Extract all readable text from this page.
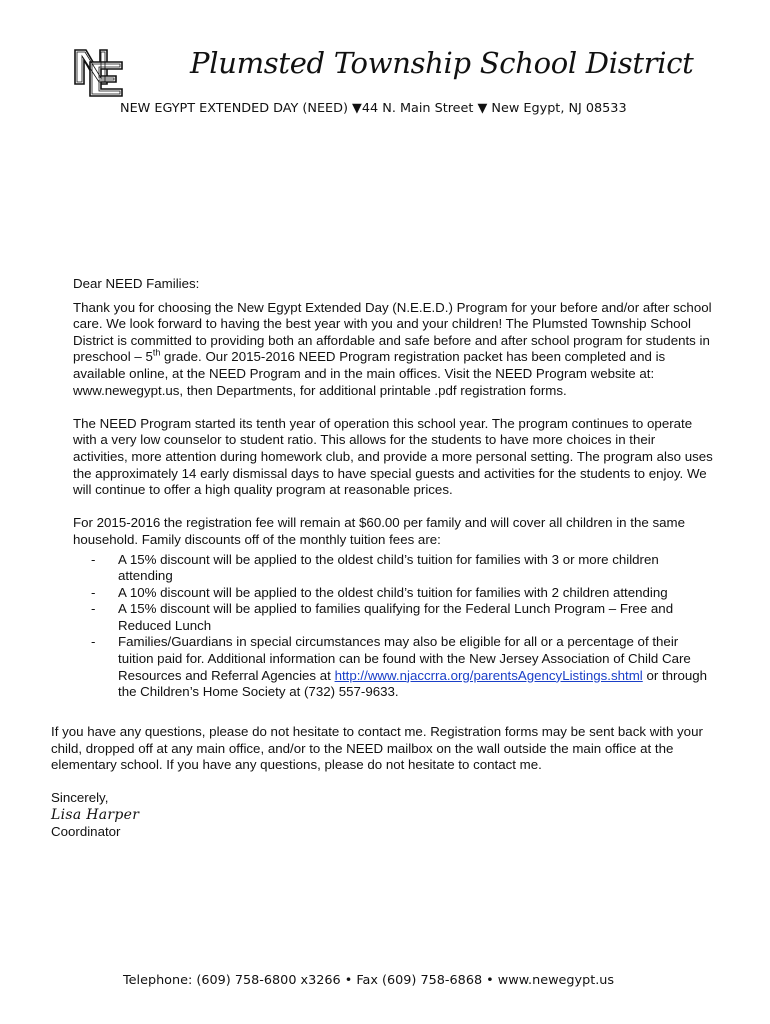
Plumsted Township School District
NEW EGYPT EXTENDED DAY (NEED) ▼44 N. Main Street ▼ New Egypt, NJ 08533

Dear NEED Families:

Thank you for choosing the New Egypt Extended Day (N.E.E.D.) Program for your before and/or after school care. We look forward to having the best year with you and your children! The Plumsted Township School District is committed to providing both an affordable and safe before and after school program for students in preschool – 5th grade. Our 2015-2016 NEED Program registration packet has been completed and is available online, at the NEED Program and in the main offices. Visit the NEED Program website at: www.newegypt.us, then Departments, for additional printable .pdf registration forms.

The NEED Program started its tenth year of operation this school year. The program continues to operate with a very low counselor to student ratio. This allows for the students to have more choices in their activities, more attention during homework club, and provide a more personal setting. The program also uses the approximately 14 early dismissal days to have special guests and activities for the students to enjoy. We will continue to offer a high quality program at reasonable prices.

For 2015-2016 the registration fee will remain at $60.00 per family and will cover all children in the same household. Family discounts off of the monthly tuition fees are:

- A 15% discount will be applied to the oldest child’s tuition for families with 3 or more children attending
- A 10% discount will be applied to the oldest child’s tuition for families with 2 children attending
- A 15% discount will be applied to families qualifying for the Federal Lunch Program – Free and Reduced Lunch
- Families/Guardians in special circumstances may also be eligible for all or a percentage of their tuition paid for. Additional information can be found with the New Jersey Association of Child Care Resources and Referral Agencies at http://www.njaccrra.org/parentsAgencyListings.shtml or through the Children’s Home Society at (732) 557-9633.

If you have any questions, please do not hesitate to contact me. Registration forms may be sent back with your child, dropped off at any main office, and/or to the NEED mailbox on the wall outside the main office at the elementary school. If you have any questions, please do not hesitate to contact me.

Sincerely,

Lisa Harper

Coordinator

Telephone: (609) 758-6800 x3266 • Fax (609) 758-6868 • www.newegypt.us
